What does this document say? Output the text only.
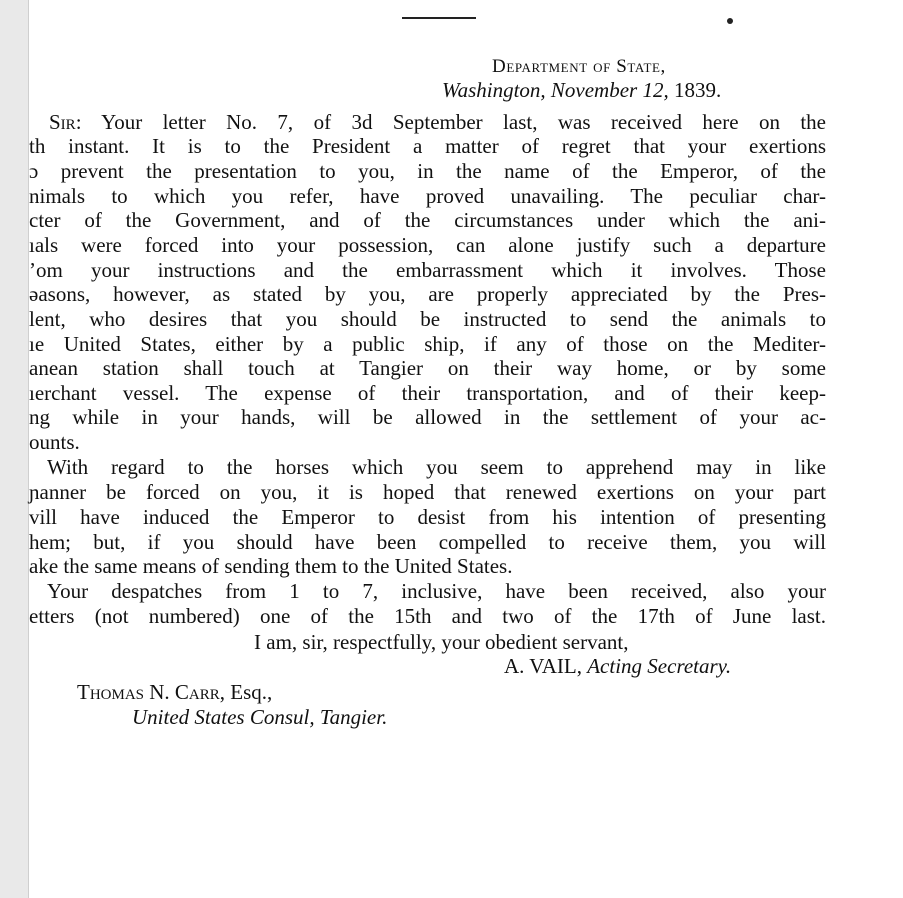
Department of State,
Washington, November 12, 1839.
Sir: Your letter No. 7, of 3d September last, was received here on the
th instant. It is to the President a matter of regret that your exertions
ɔ prevent the presentation to you, in the name of the Emperor, of the
nimals to which you refer, have proved unavailing. The peculiar char-
cter of the Government, and of the circumstances under which the ani-
ıals were forced into your possession, can alone justify such a departure
’om your instructions and the embarrassment which it involves. Those
əasons, however, as stated by you, are properly appreciated by the Pres-
lent, who desires that you should be instructed to send the animals to
ıe United States, either by a public ship, if any of those on the Mediter-
anean station shall touch at Tangier on their way home, or by some
ıerchant vessel. The expense of their transportation, and of their keep-
ng while in your hands, will be allowed in the settlement of your ac-
ounts.
With regard to the horses which you seem to apprehend may in like
ɲanner be forced on you, it is hoped that renewed exertions on your part
vill have induced the Emperor to desist from his intention of presenting
hem; but, if you should have been compelled to receive them, you will
ake the same means of sending them to the United States.
Your despatches from 1 to 7, inclusive, have been received, also your
etters (not numbered) one of the 15th and two of the 17th of June last.
I am, sir, respectfully, your obedient servant,
A. VAIL, Acting Secretary.
Thomas N. Carr, Esq.,
United States Consul, Tangier.
